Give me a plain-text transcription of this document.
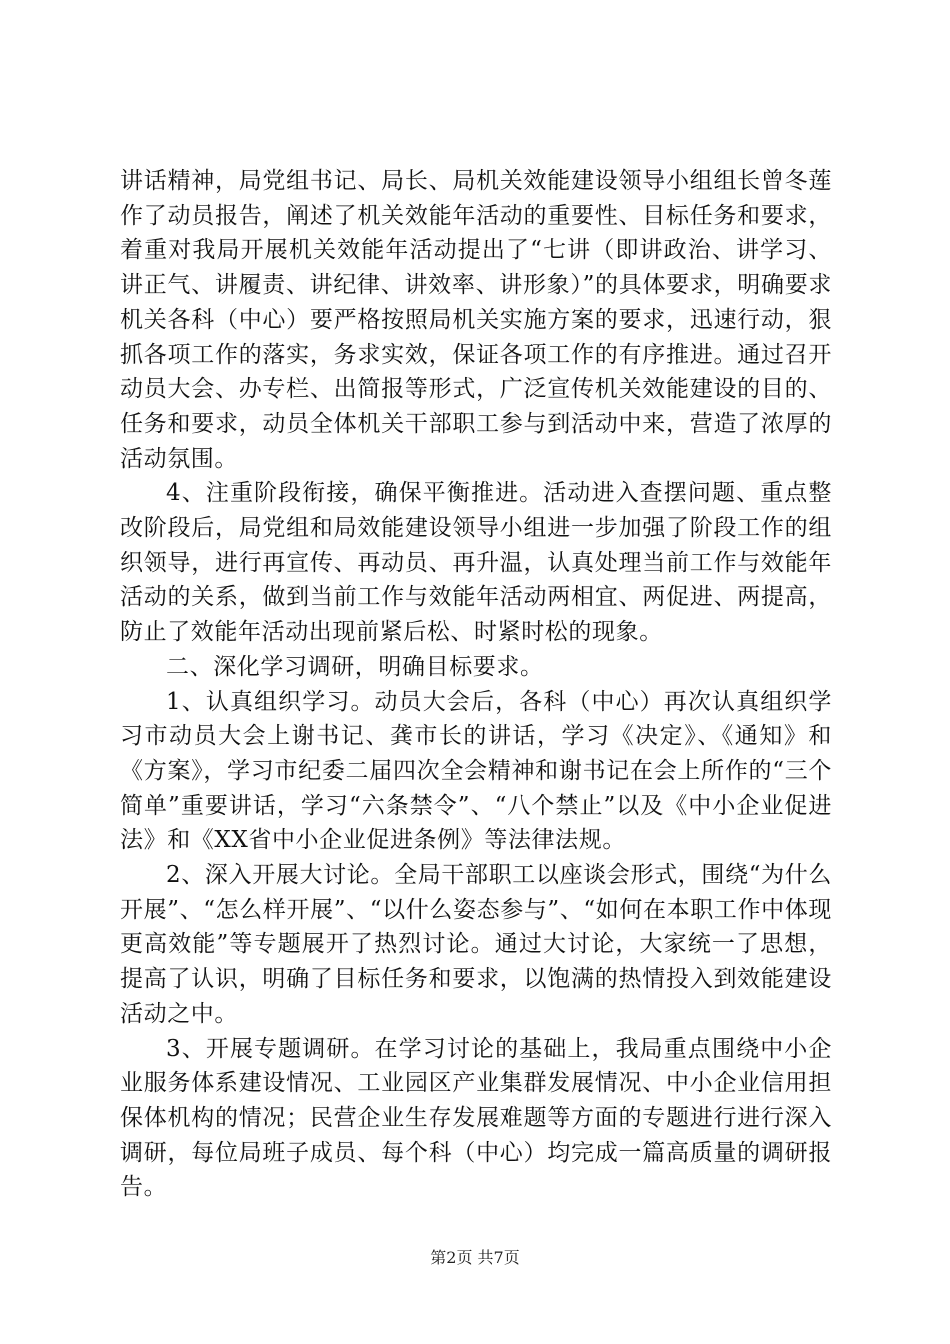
讲话精神，局党组书记、局长、局机关效能建设领导小组组长曾冬莲作了动员报告，阐述了机关效能年活动的重要性、目标任务和要求，着重对我局开展机关效能年活动提出了“七讲（即讲政治、讲学习、讲正气、讲履责、讲纪律、讲效率、讲形象）”的具体要求，明确要求机关各科（中心）要严格按照局机关实施方案的要求，迅速行动，狠抓各项工作的落实，务求实效，保证各项工作的有序推进。通过召开动员大会、办专栏、出简报等形式，广泛宣传机关效能建设的目的、任务和要求，动员全体机关干部职工参与到活动中来，营造了浓厚的活动氛围。

4、注重阶段衔接，确保平衡推进。活动进入查摆问题、重点整改阶段后，局党组和局效能建设领导小组进一步加强了阶段工作的组织领导，进行再宣传、再动员、再升温，认真处理当前工作与效能年活动的关系，做到当前工作与效能年活动两相宜、两促进、两提高，防止了效能年活动出现前紧后松、时紧时松的现象。

二、深化学习调研，明确目标要求。

1、认真组织学习。动员大会后，各科（中心）再次认真组织学习市动员大会上谢书记、龚市长的讲话，学习《决定》、《通知》和《方案》，学习市纪委二届四次全会精神和谢书记在会上所作的“三个简单”重要讲话，学习“六条禁令”、“八个禁止”以及《中小企业促进法》和《XX省中小企业促进条例》等法律法规。

2、深入开展大讨论。全局干部职工以座谈会形式，围绕“为什么开展”、“怎么样开展”、“以什么姿态参与”、“如何在本职工作中体现更高效能”等专题展开了热烈讨论。通过大讨论，大家统一了思想，提高了认识，明确了目标任务和要求，以饱满的热情投入到效能建设活动之中。

3、开展专题调研。在学习讨论的基础上，我局重点围绕中小企业服务体系建设情况、工业园区产业集群发展情况、中小企业信用担保体机构的情况；民营企业生存发展难题等方面的专题进行进行深入调研，每位局班子成员、每个科（中心）均完成一篇高质量的调研报告。

第2页 共7页
